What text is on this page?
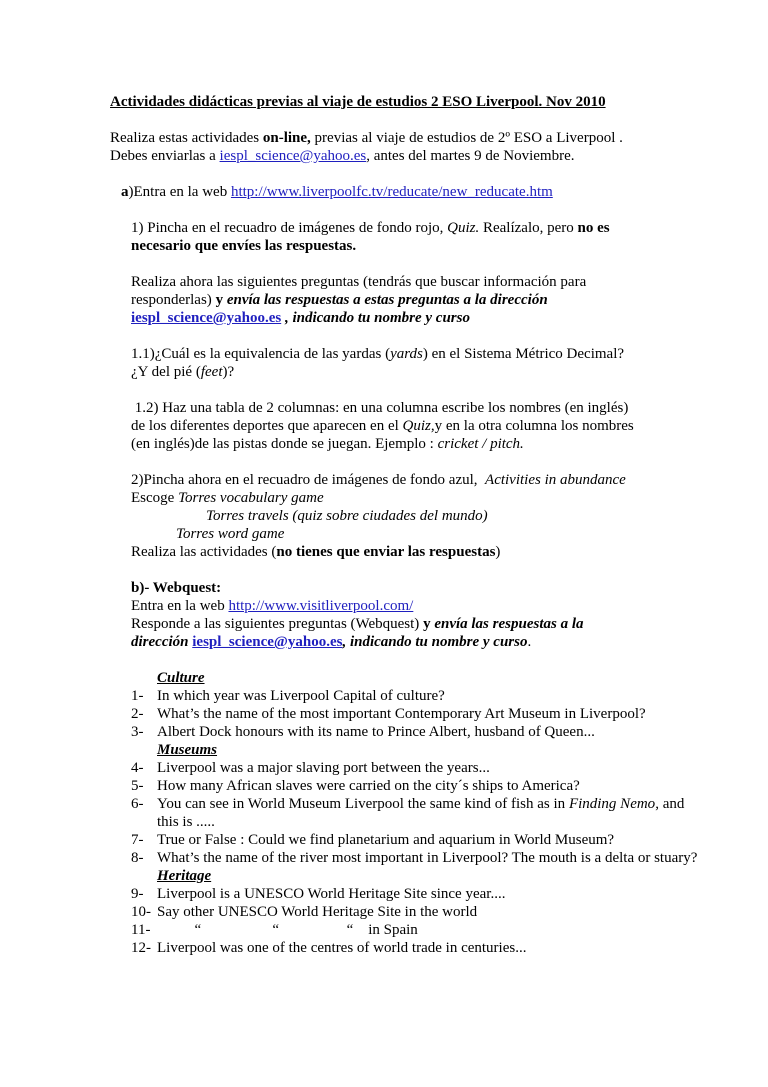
Actividades didácticas previas al viaje de estudios 2 ESO Liverpool. Nov 2010

Realiza estas actividades on-line, previas al viaje de estudios de 2º ESO a Liverpool .

Debes enviarlas a iespl_science@yahoo.es, antes del martes 9 de Noviembre.

a)Entra en la web http://www.liverpoolfc.tv/reducate/new_reducate.htm

1) Pincha en el recuadro de imágenes de fondo rojo, Quiz. Realízalo, pero no es

necesario que envíes las respuestas.

Realiza ahora las siguientes preguntas (tendrás que buscar información para

responderlas) y envía las respuestas a estas preguntas a la dirección

iespl_science@yahoo.es , indicando tu nombre y curso

1.1)¿Cuál es la equivalencia de las yardas (yards) en el Sistema Métrico Decimal?

¿Y del pié (feet)?

1.2) Haz una tabla de 2 columnas: en una columna escribe los nombres (en inglés)

de los diferentes deportes que aparecen en el Quiz,y en la otra columna los nombres

(en inglés)de las pistas donde se juegan. Ejemplo : cricket / pitch.

2)Pincha ahora en el recuadro de imágenes de fondo azul,  Activities in abundance

Escoge Torres vocabulary game

Torres travels (quiz sobre ciudades del mundo)

Torres word game

Realiza las actividades (no tienes que enviar las respuestas)

b)- Webquest:

Entra en la web http://www.visitliverpool.com/

Responde a las siguientes preguntas (Webquest) y envía las respuestas a la

dirección iespl_science@yahoo.es, indicando tu nombre y curso.

Culture

1- In which year was Liverpool Capital of culture?
2- What’s the name of the most important Contemporary Art Museum in Liverpool?
3- Albert Dock honours with its name to Prince Albert, husband of Queen...

Museums

4- Liverpool was a major slaving port between the years...
5- How many African slaves were carried on the city´s ships to America?
6- You can see in World Museum Liverpool the same kind of fish as in Finding Nemo, and this is .....
7- True or False : Could we find planetarium and aquarium in World Museum?
8- What’s the name of the river most important in Liverpool? The mouth is a delta or stuary?

Heritage

9- Liverpool is a UNESCO World Heritage Site since year....
10- Say other UNESCO World Heritage Site in the world
11- “                   “                  “    in Spain
12- Liverpool was one of the centres of world trade in centuries...
